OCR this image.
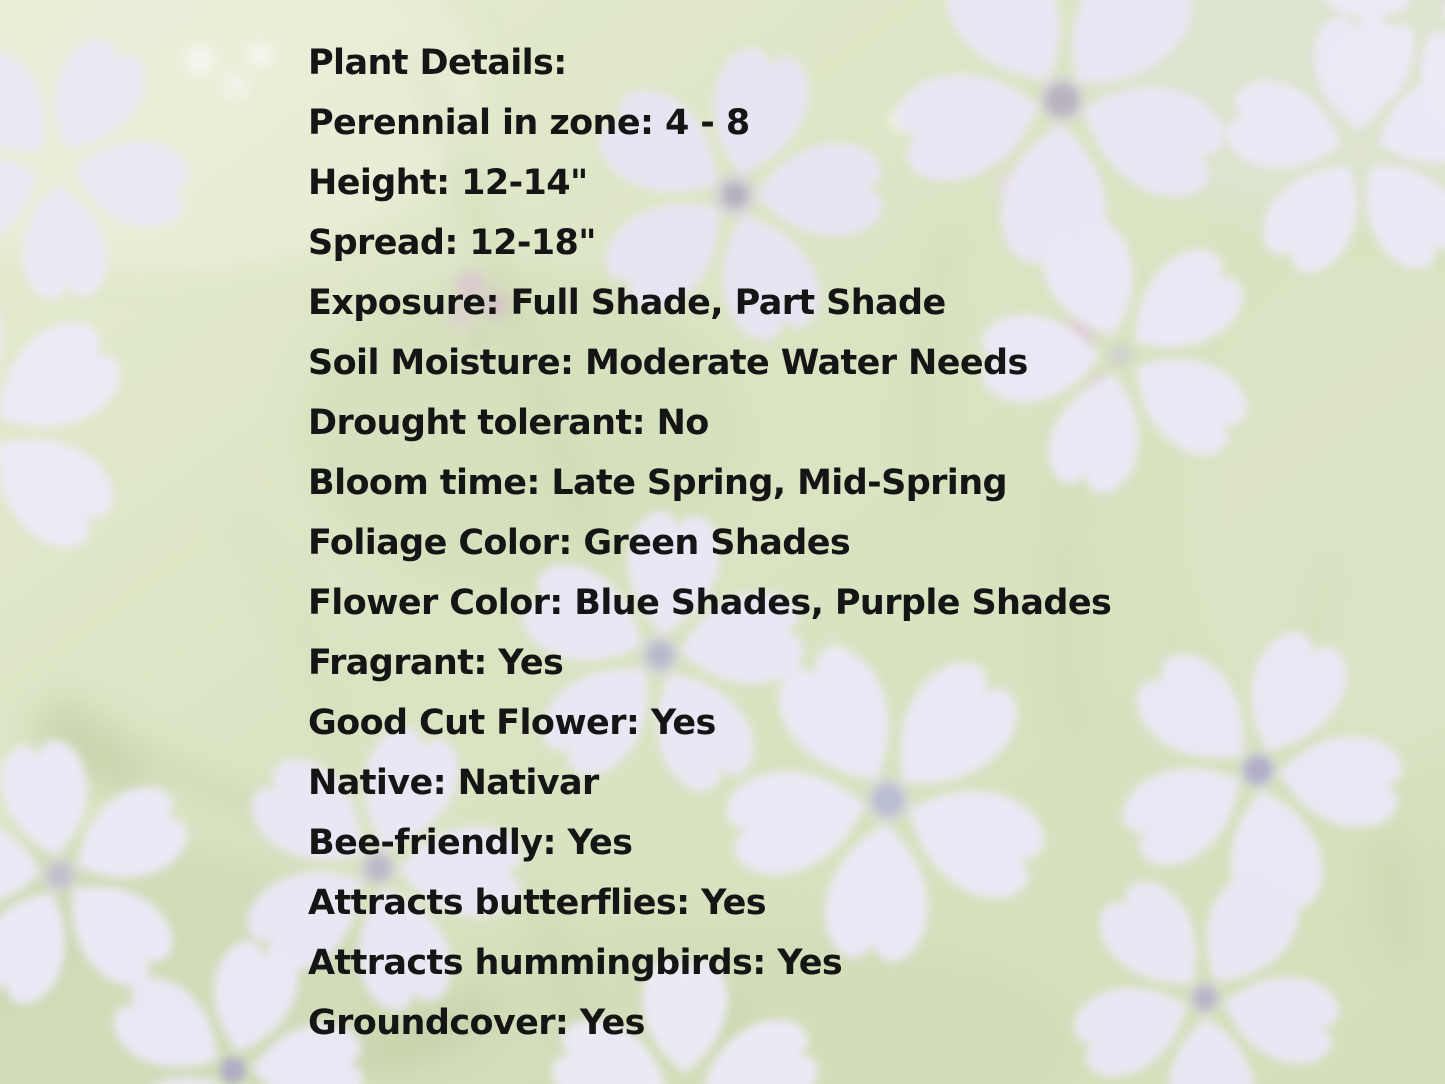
Plant Details:
Perennial in zone: 4 - 8
Height: 12-14"
Spread: 12-18"
Exposure: Full Shade, Part Shade
Soil Moisture: Moderate Water Needs
Drought tolerant: No
Bloom time: Late Spring, Mid-Spring
Foliage Color: Green Shades
Flower Color: Blue Shades, Purple Shades
Fragrant: Yes
Good Cut Flower: Yes
Native: Nativar
Bee-friendly: Yes
Attracts butterflies: Yes
Attracts hummingbirds: Yes
Groundcover: Yes
